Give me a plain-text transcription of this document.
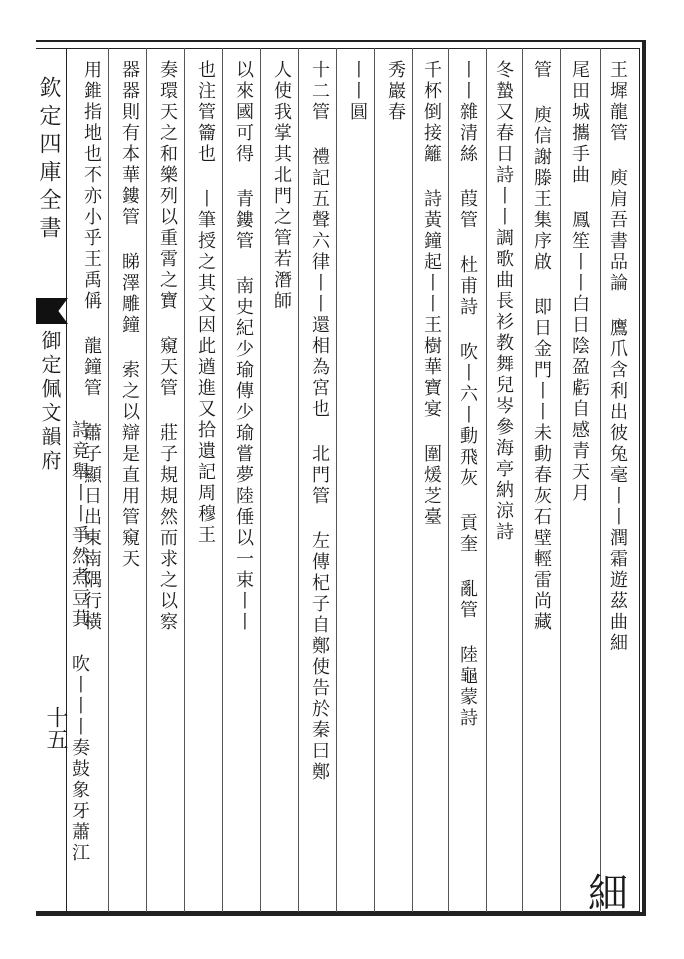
欽定四庫全書
御定佩文韻府
十五
王墀龍管 庾肩吾書品論 鷹爪含利出彼兔毫丨丨潤霜遊茲曲細
尾田城攜手曲 鳳笙丨丨白日陰盈虧自感青天月
管 庾信謝滕王集序啟 即日金門丨丨未動春灰石壁輕雷尚藏
冬蟄又春日詩丨丨調歌曲長衫教舞兒岑參海亭納涼詩
丨丨雜清絲 葭管 杜甫詩 吹丨六丨動飛灰 貢奎 亂管 陸龜蒙詩
千杯倒接籬 詩黃鐘起丨丨王樹華寶宴 圍煖芝臺
秀巖春
丨丨圓
十二管 禮記五聲六律丨丨還相為宮也 北門管 左傳杞子自鄭使告於秦曰鄭
人使我掌其北門之管若潛師
以來國可得 青鏤管 南史紀少瑜傳少瑜嘗夢陸倕以一束丨丨
也注管籥也 丨筆授之其文因此遒進又拾遺記周穆王
奏環天之和樂列以重霄之寶 窺天管 莊子規規然而求之以察
器器則有本華鏤管 睇澤雕鐘 索之以辯是直用管窺天
用錐指地也不亦小乎王禹偁 龍鐘管 蕭子顯日出東南隅行橫
詩竟舉丨丨爭然煮豆萁 吹丨丨丨奏鼓象牙蕭江
細
